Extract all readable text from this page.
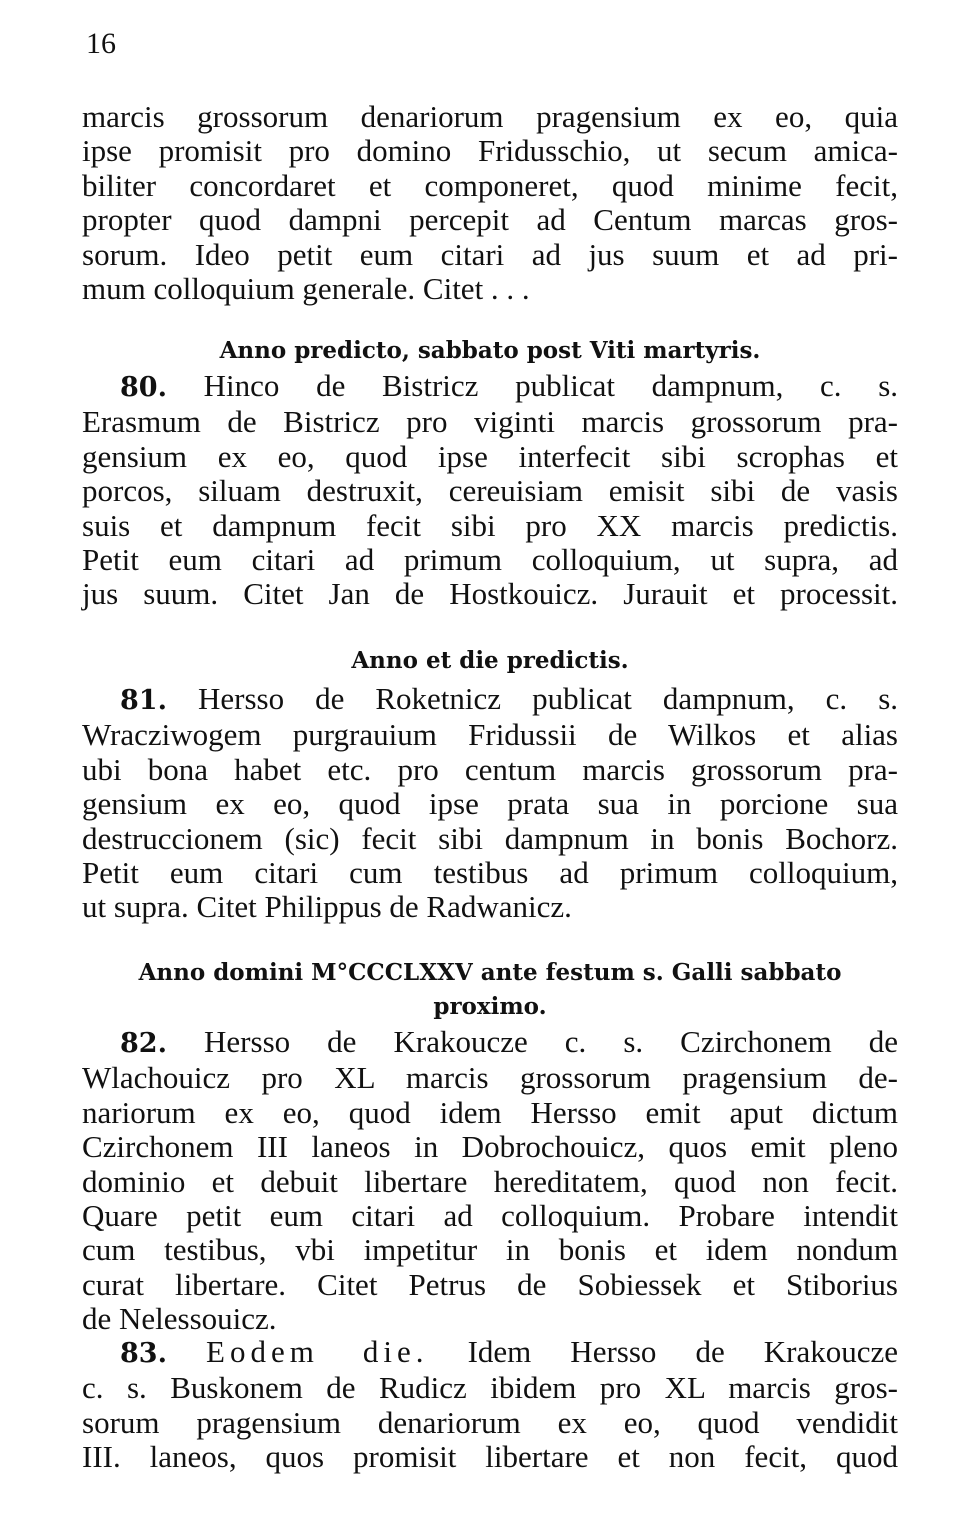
16
marcis grossorum denariorum pragensium ex eo, quia
ipse promisit pro domino Fridusschio, ut secum amica-
biliter concordaret et componeret, quod minime fecit,
propter quod dampni percepit ad Centum marcas gros-
sorum. Ideo petit eum citari ad jus suum et ad pri-
mum colloquium generale. Citet . . .
Anno predicto, sabbato post Viti martyris.
80. Hinco de Bistricz publicat dampnum, c. s.
Erasmum de Bistricz pro viginti marcis grossorum pra-
gensium ex eo, quod ipse interfecit sibi scrophas et
porcos, siluam destruxit, cereuisiam emisit sibi de vasis
suis et dampnum fecit sibi pro XX marcis predictis.
Petit eum citari ad primum colloquium, ut supra, ad
jus suum. Citet Jan de Hostkouicz. Jurauit et processit.
Anno et die predictis.
81. Hersso de Roketnicz publicat dampnum, c. s.
Wracziwogem purgrauium Fridussii de Wilkos et alias
ubi bona habet etc. pro centum marcis grossorum pra-
gensium ex eo, quod ipse prata sua in porcione sua
destruccionem (sic) fecit sibi dampnum in bonis Bochorz.
Petit eum citari cum testibus ad primum colloquium,
ut supra. Citet Philippus de Radwanicz.
Anno domini M°CCCLXXV ante festum s. Galli sabbato
proximo.
82. Hersso de Krakoucze c. s. Czirchonem de
Wlachouicz pro XL marcis grossorum pragensium de-
nariorum ex eo, quod idem Hersso emit aput dictum
Czirchonem III laneos in Dobrochouicz, quos emit pleno
dominio et debuit libertare hereditatem, quod non fecit.
Quare petit eum citari ad colloquium. Probare intendit
cum testibus, vbi impetitur in bonis et idem nondum
curat libertare. Citet Petrus de Sobiessek et Stiborius
de Nelessouicz.
83. Eodem die. Idem Hersso de Krakoucze
c. s. Buskonem de Rudicz ibidem pro XL marcis gros-
sorum pragensium denariorum ex eo, quod vendidit
III. laneos, quos promisit libertare et non fecit, quod
